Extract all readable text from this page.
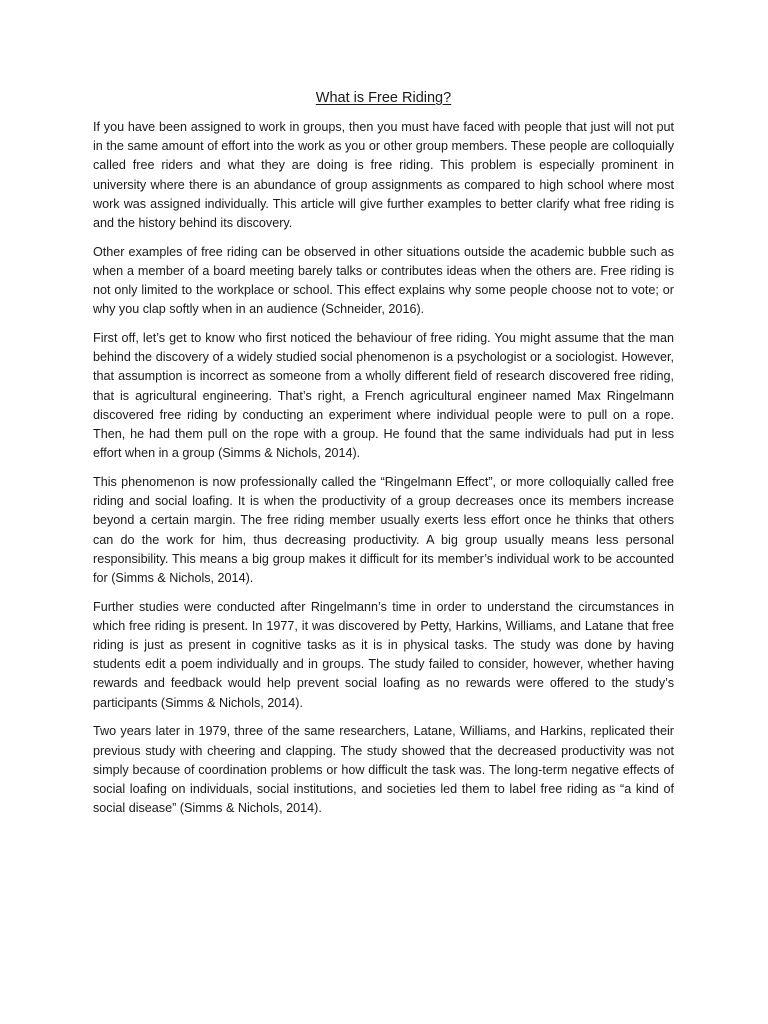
What is Free Riding?

If you have been assigned to work in groups, then you must have faced with people that just will not put in the same amount of effort into the work as you or other group members. These people are colloquially called free riders and what they are doing is free riding. This problem is especially prominent in university where there is an abundance of group assignments as compared to high school where most work was assigned individually. This article will give further examples to better clarify what free riding is and the history behind its discovery.

Other examples of free riding can be observed in other situations outside the academic bubble such as when a member of a board meeting barely talks or contributes ideas when the others are. Free riding is not only limited to the workplace or school. This effect explains why some people choose not to vote; or why you clap softly when in an audience (Schneider, 2016).

First off, let’s get to know who first noticed the behaviour of free riding. You might assume that the man behind the discovery of a widely studied social phenomenon is a psychologist or a sociologist. However, that assumption is incorrect as someone from a wholly different field of research discovered free riding, that is agricultural engineering. That’s right, a French agricultural engineer named Max Ringelmann discovered free riding by conducting an experiment where individual people were to pull on a rope. Then, he had them pull on the rope with a group. He found that the same individuals had put in less effort when in a group (Simms & Nichols, 2014).

This phenomenon is now professionally called the “Ringelmann Effect”, or more colloquially called free riding and social loafing. It is when the productivity of a group decreases once its members increase beyond a certain margin. The free riding member usually exerts less effort once he thinks that others can do the work for him, thus decreasing productivity. A big group usually means less personal responsibility. This means a big group makes it difficult for its member’s individual work to be accounted for (Simms & Nichols, 2014).

Further studies were conducted after Ringelmann’s time in order to understand the circumstances in which free riding is present. In 1977, it was discovered by Petty, Harkins, Williams, and Latane that free riding is just as present in cognitive tasks as it is in physical tasks. The study was done by having students edit a poem individually and in groups. The study failed to consider, however, whether having rewards and feedback would help prevent social loafing as no rewards were offered to the study’s participants (Simms & Nichols, 2014).

Two years later in 1979, three of the same researchers, Latane, Williams, and Harkins, replicated their previous study with cheering and clapping. The study showed that the decreased productivity was not simply because of coordination problems or how difficult the task was. The long-term negative effects of social loafing on individuals, social institutions, and societies led them to label free riding as “a kind of social disease” (Simms & Nichols, 2014).
